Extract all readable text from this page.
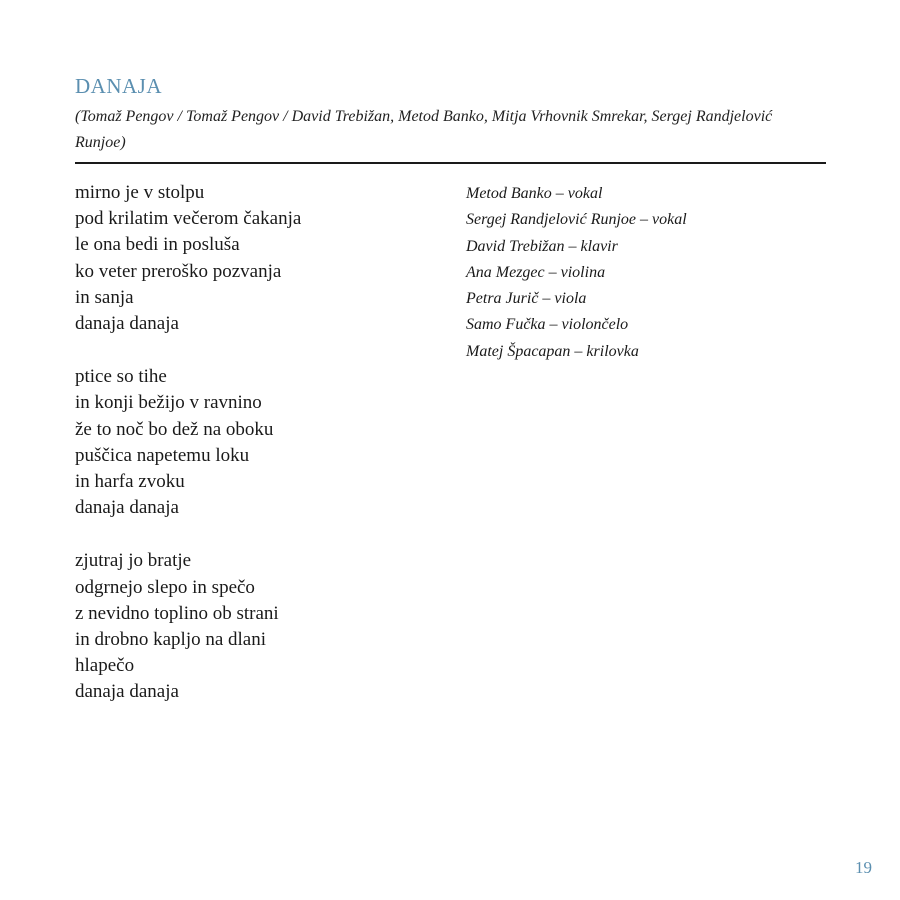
DANAJA

(Tomaž Pengov / Tomaž Pengov / David Trebižan, Metod Banko, Mitja Vrhovnik Smrekar, Sergej Randjelović Runjoe)

mirno je v stolpu
pod krilatim večerom čakanja
le ona bedi in posluša
ko veter preroško pozvanja
in sanja
danaja danaja
ptice so tihe
in konji bežijo v ravnino
že to noč bo dež na oboku
puščica napetemu loku
in harfa zvoku
danaja danaja
zjutraj jo bratje
odgrnejo slepo in spečo
z nevidno toplino ob strani
in drobno kapljo na dlani
hlapečo
danaja danaja
Metod Banko – vokal
Sergej Randjelović Runjoe – vokal
David Trebižan – klavir
Ana Mezgec – violina
Petra Jurič – viola
Samo Fučka – violončelo
Matej Špacapan – krilovka
19
